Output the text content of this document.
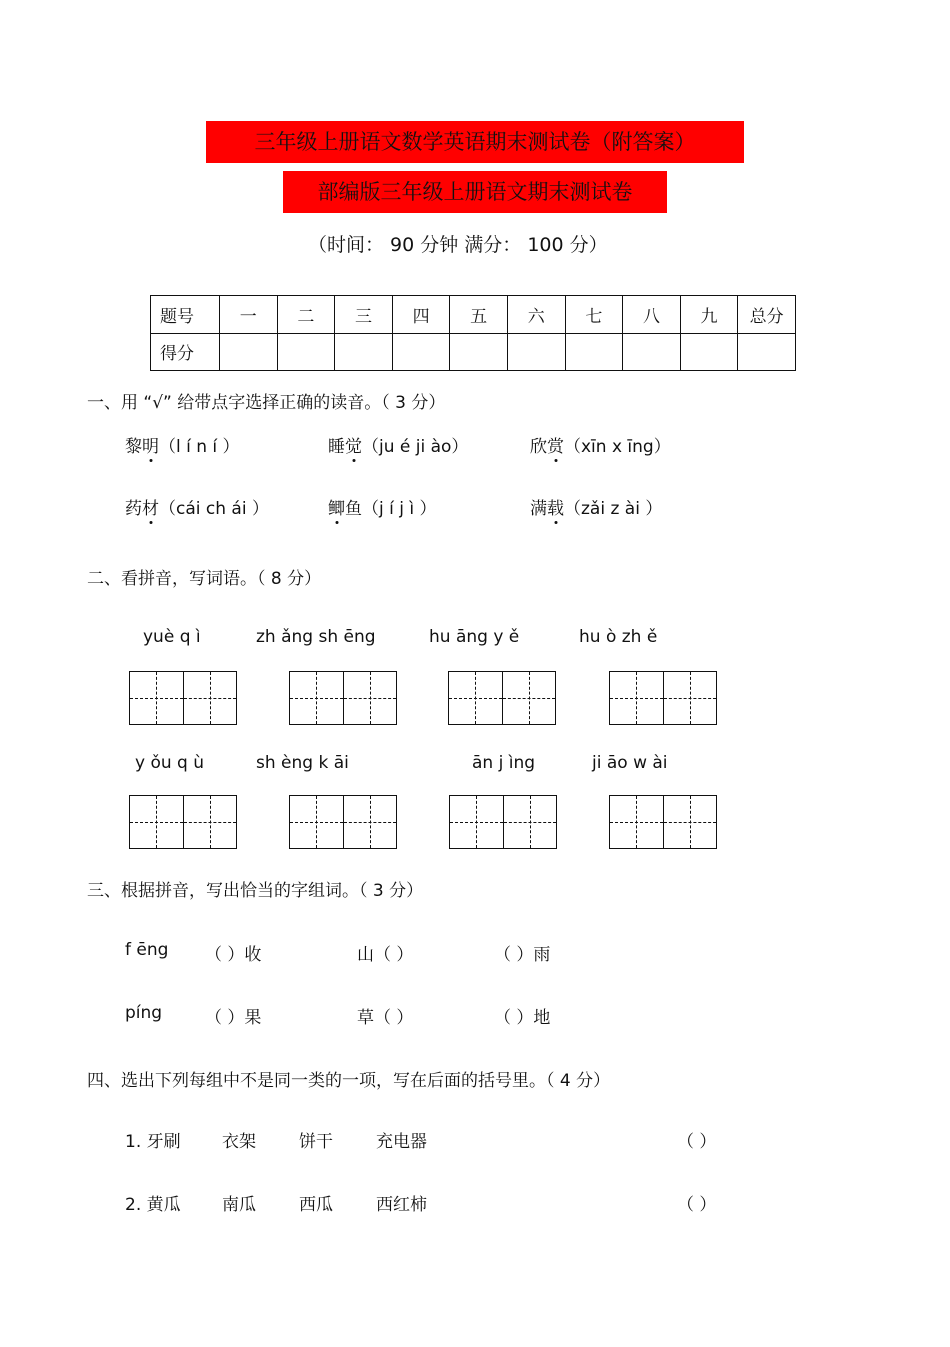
三年级上册语文数学英语期末测试卷（附答案）
部编版三年级上册语文期末测试卷
（时间： 90 分钟 满分： 100 分）
题号	一	二	三	四	五	六	七	八	九	总分
得分										
一、用 “√” 给带点字选择正确的读音。（ 3 分）
黎明（l í n í ）	睡觉（ju é ji ào）	欣赏（xīn x īng）
药材（cái ch ái ）	鲫鱼（j í j ì ）	满载（zǎi z ài ）
二、看拼音，写词语。（ 8 分）
yuè q ì	zh ǎng sh ēng	hu āng y ě	hu ò zh ě
y ǒu q ù	sh èng k āi	ān j ìng	ji āo w ài
三、根据拼音，写出恰当的字组词。（ 3 分）
f ēng （ ）收	山（ ）	（ ）雨
píng	（ ）果	草（ ）	（ ）地
四、选出下列每组中不是同一类的一项，写在后面的括号里。（ 4 分）
1. 牙刷 衣架	饼干	充电器	（ ）
2. 黄瓜 南瓜	西瓜	西红柿	（ ）
